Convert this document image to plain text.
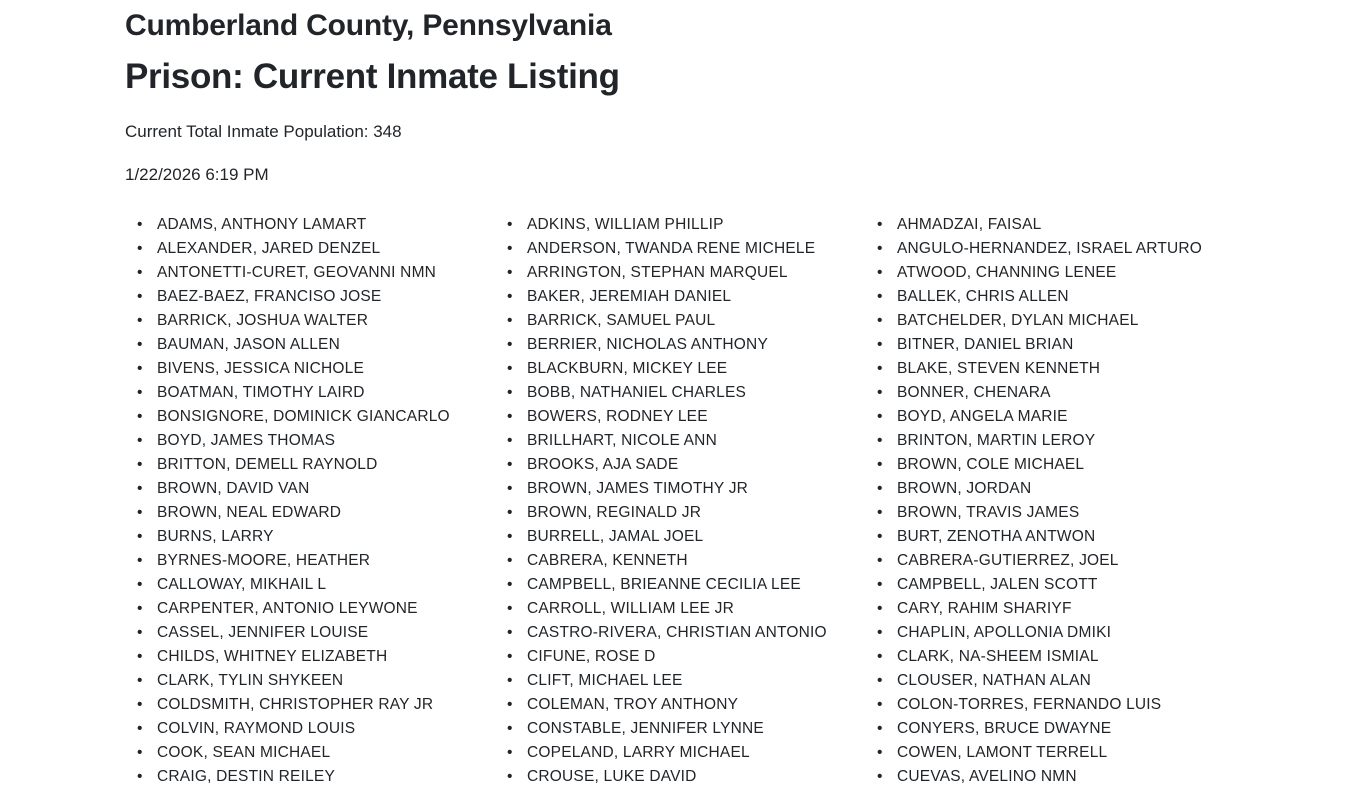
Cumberland County, Pennsylvania
Prison: Current Inmate Listing

Current Total Inmate Population: 348

1/22/2026 6:19 PM

• ADAMS, ANTHONY LAMART	• ADKINS, WILLIAM PHILLIP	• AHMADZAI, FAISAL
• ALEXANDER, JARED DENZEL	• ANDERSON, TWANDA RENE MICHELE	• ANGULO-HERNANDEZ, ISRAEL ARTURO
• ANTONETTI-CURET, GEOVANNI NMN	• ARRINGTON, STEPHAN MARQUEL	• ATWOOD, CHANNING LENEE
• BAEZ-BAEZ, FRANCISO JOSE	• BAKER, JEREMIAH DANIEL	• BALLEK, CHRIS ALLEN
• BARRICK, JOSHUA WALTER	• BARRICK, SAMUEL PAUL	• BATCHELDER, DYLAN MICHAEL
• BAUMAN, JASON ALLEN	• BERRIER, NICHOLAS ANTHONY	• BITNER, DANIEL BRIAN
• BIVENS, JESSICA NICHOLE	• BLACKBURN, MICKEY LEE	• BLAKE, STEVEN KENNETH
• BOATMAN, TIMOTHY LAIRD	• BOBB, NATHANIEL CHARLES	• BONNER, CHENARA
• BONSIGNORE, DOMINICK GIANCARLO	• BOWERS, RODNEY LEE	• BOYD, ANGELA MARIE
• BOYD, JAMES THOMAS	• BRILLHART, NICOLE ANN	• BRINTON, MARTIN LEROY
• BRITTON, DEMELL RAYNOLD	• BROOKS, AJA SADE	• BROWN, COLE MICHAEL
• BROWN, DAVID VAN	• BROWN, JAMES TIMOTHY JR	• BROWN, JORDAN
• BROWN, NEAL EDWARD	• BROWN, REGINALD JR	• BROWN, TRAVIS JAMES
• BURNS, LARRY	• BURRELL, JAMAL JOEL	• BURT, ZENOTHA ANTWON
• BYRNES-MOORE, HEATHER	• CABRERA, KENNETH	• CABRERA-GUTIERREZ, JOEL
• CALLOWAY, MIKHAIL L	• CAMPBELL, BRIEANNE CECILIA LEE	• CAMPBELL, JALEN SCOTT
• CARPENTER, ANTONIO LEYWONE	• CARROLL, WILLIAM LEE JR	• CARY, RAHIM SHARIYF
• CASSEL, JENNIFER LOUISE	• CASTRO-RIVERA, CHRISTIAN ANTONIO	• CHAPLIN, APOLLONIA DMIKI
• CHILDS, WHITNEY ELIZABETH	• CIFUNE, ROSE D	• CLARK, NA-SHEEM ISMIAL
• CLARK, TYLIN SHYKEEN	• CLIFT, MICHAEL LEE	• CLOUSER, NATHAN ALAN
• COLDSMITH, CHRISTOPHER RAY JR	• COLEMAN, TROY ANTHONY	• COLON-TORRES, FERNANDO LUIS
• COLVIN, RAYMOND LOUIS	• CONSTABLE, JENNIFER LYNNE	• CONYERS, BRUCE DWAYNE
• COOK, SEAN MICHAEL	• COPELAND, LARRY MICHAEL	• COWEN, LAMONT TERRELL
• CRAIG, DESTIN REILEY	• CROUSE, LUKE DAVID	• CUEVAS, AVELINO NMN
